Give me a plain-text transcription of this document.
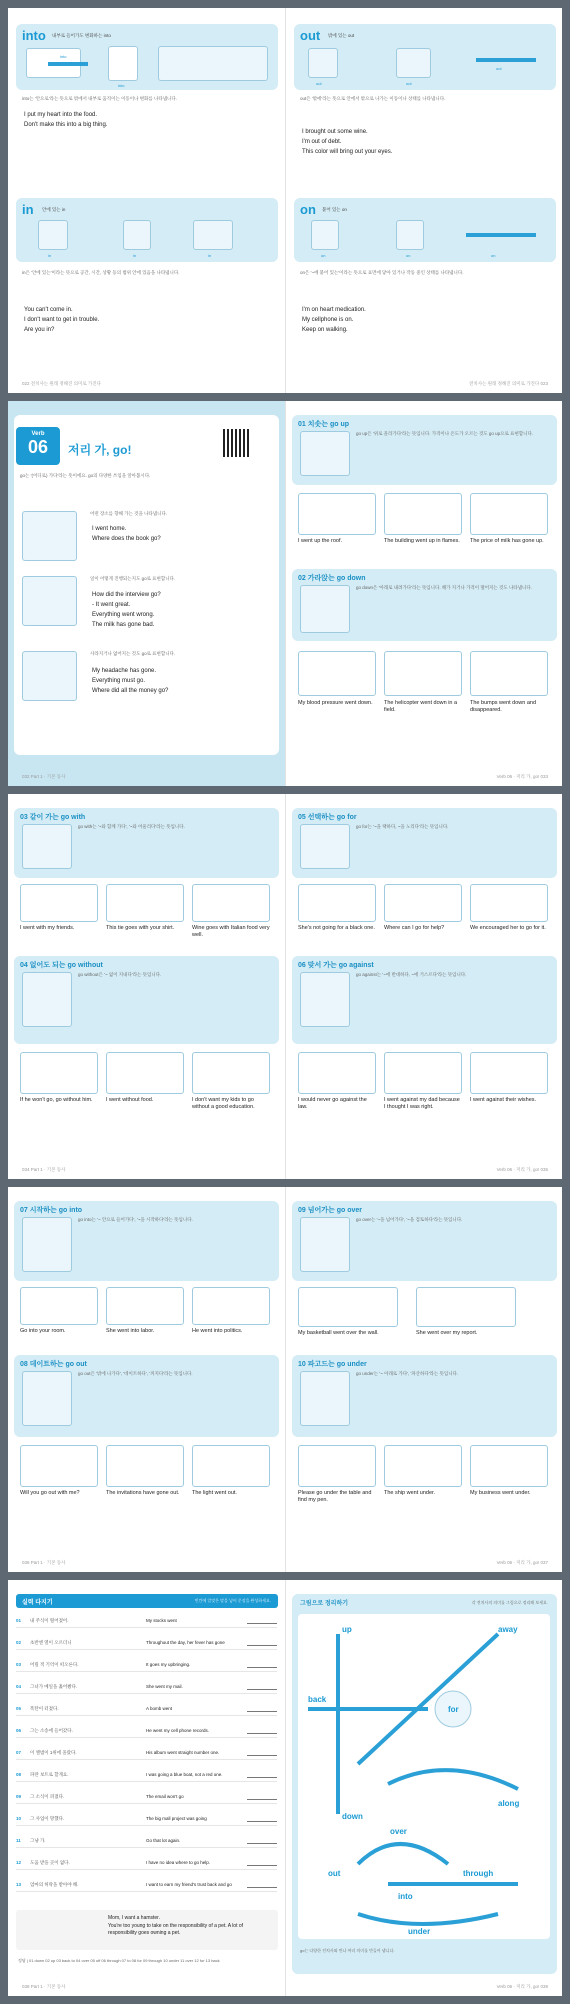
into 내부로 들어가도 변화하는 into
into
into
into는 '안으로'라는 뜻으로 밖에서 내부로 움직이는 이동이나 변화를 나타냅니다.
I put my heart into the food.
Don't make this into a big thing.
in 안에 있는 in
in	in	in
in은 '안에 있는'이라는 뜻으로 공간, 시간, 상황 등의 범위 안에 있음을 나타냅니다.
You can't come in.
I don't want to get in trouble.
Are you in?
022 전치사는 원래 정해진 의미로 가진다
out 밖에 있는 out
out	out
out
out은 '밖에'라는 뜻으로 안에서 밖으로 나가는 이동이나 상태를 나타냅니다.
I brought out some wine.
I'm out of debt.
This color will bring out your eyes.
on 붙어 있는 on
on	on	on
on은 '~에 붙어 있는'이라는 뜻으로 표면에 닿아 있거나 작동 중인 상태를 나타냅니다.
I'm on heart medication.
My cellphone is on.
Keep on walking.
전치사는 원래 정해진 의미로 가진다 023
Verb
06	저리 가, go!
go는 '(어디로) 가다'라는 뜻이에요. go의 다양한 쓰임을 알아봅시다.
어떤 장소를 향해 가는 것을 나타냅니다.
I went home.
Where does the book go?
일이 어떻게 진행되는지도 go로 표현합니다.
How did the interview go?
- It went great.
Everything went wrong.
The milk has gone bad.
사라지거나 없어지는 것도 go로 표현합니다.
My headache has gone.
Everything must go.
Where did all the money go?
032 Part 1 · 기본 동사
01 치솟는 go up
go up은 '위로 올라가다'라는 뜻입니다. 가격이나 온도가 오르는 것도 go up으로 표현합니다.
I went up the roof.	The building went up in flames.	The price of milk has gone up.
02 가라앉는 go down
go down은 '아래로 내려가다'라는 뜻입니다. 해가 지거나 가격이 떨어지는 것도 나타냅니다.
My blood pressure went down.	The helicopter went down in a field.
The bumps went down and disappeared.
Verb 06 · 저리 가, go! 033
03 같이 가는 go with
go with는 '~와 함께 가다', '~와 어울리다'라는 뜻입니다.
I went with my friends.	This tie goes with your shirt.	Wine goes with Italian food very well.
04 없어도 되는 go without
go without은 '~ 없이 지내다'라는 뜻입니다.
If he won't go, go without him.	I went without food.	I don't want my kids to go without a good education.
034 Part 1 · 기본 동사
05 선택하는 go for
go for는 '~을 택하다, ~을 노리다'라는 뜻입니다.
She's not going for a black one. Where can I go for help?	We encouraged her to go for it.
06 맞서 가는 go against
go against는 '~에 반대하다, ~에 거스르다'라는 뜻입니다.
I would never go against the law.
I went against my dad because I thought I was right.
I went against their wishes.
Verb 06 · 저리 가, go! 035
07 시작하는 go into
go into는 '~ 안으로 들어가다', '~을 시작하다'라는 뜻입니다.
Go into your room.	She went into labor.	He went into politics.
08 데이트하는 go out
go out은 '밖에 나가다', '데이트하다', '꺼지다'라는 뜻입니다.
Will you go out with me?	The invitations have gone out.	The light went out.
036 Part 1 · 기본 동사
09 넘어가는 go over
go over는 '~을 넘어가다', '~을 검토하다'라는 뜻입니다.
My basketball went over the wall.	She went over my report.
10 파고드는 go under
go under는 '~ 아래로 가다', '파산하다'라는 뜻입니다.
Please go under the table and find my pen.
The ship went under.	My business went under.
Verb 06 · 저리 가, go! 037
실력 다지기	빈칸에 알맞은 말을 넣어 문장을 완성하세요.
01 내 주식이 떨어졌어.	My stocks went
02 초반엔 열이 오르더니	Throughout the day, her fever has gone
03 어릴 적 기억이 떠오른다.	It goes my upbringing.
04 그녀가 메일을 훑어봤다.	She went my mail.
05 폭탄이 터졌다.	A bomb went
06 그는 소송에 들어갔다.	He went my cell phone records.
07 이 앨범이 1위에 올랐다.	His album went straight number one.
08 파란 보트로 할게요.	I was going a blue boat, not a red one.
09 그 소식이 퍼졌다.	The email won't go
10 그 사업이 망했다.	The big mall project was going
11 그냥 가.	Go that lot again.
12 도움 받을 곳이 없다.	I have no idea where to go help.
13 엄마의 허락을 받아야 해.	I want to earn my friend's trust back and go
Mom, I want a hamster.
You're too young to take on the responsibility of a pet. A lot of responsibility goes owning a pet.
정답 | 01 down 02 up 03 back to 04 over 05 off 06 through 07 to 08 for 09 through 10 under 11 over 12 for 13 back
038 Part 1 · 기본 동사
그림으로 정리하기	각 전치사의 의미를 그림으로 정리해 보세요.
up	away
back
for
down
along
over
out	through
into
under
go는 다양한 전치사와 만나 여러 의미를 만들어 냅니다.
Verb 06 · 저리 가, go! 039
